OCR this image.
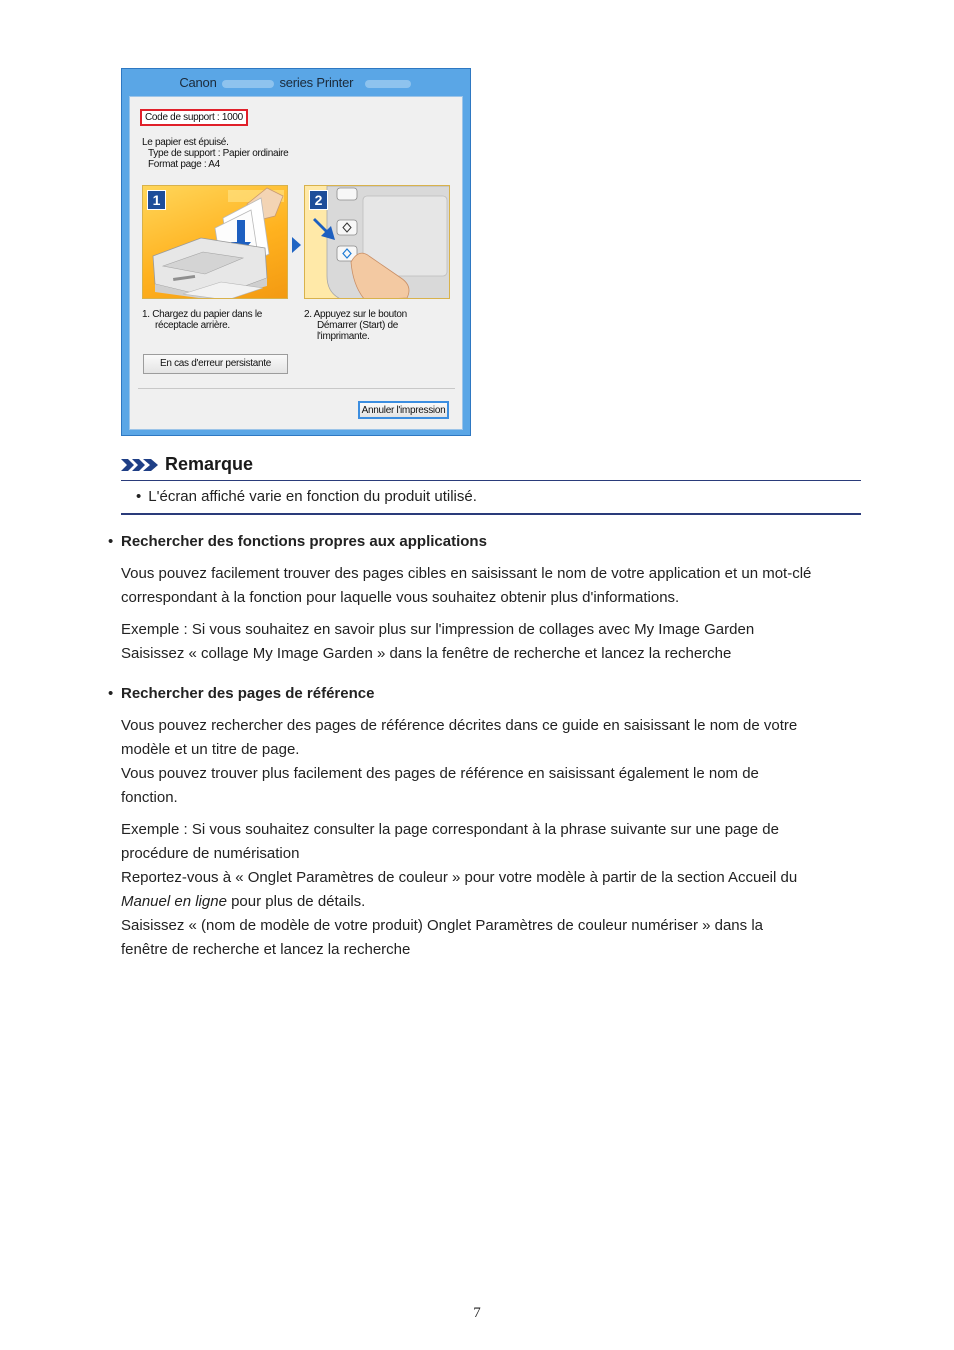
Canon	series Printer
Code de support : 1000
Le papier est épuisé.
Type de support : Papier ordinaire
Format page : A4
1	2
1. Chargez du papier dans le
réceptacle arrière.
2. Appuyez sur le bouton
Démarrer (Start) de
l'imprimante.
En cas d'erreur persistante
Annuler l'impression
Remarque
• L'écran affiché varie en fonction du produit utilisé.
• Rechercher des fonctions propres aux applications
Vous pouvez facilement trouver des pages cibles en saisissant le nom de votre application et un mot-clé
correspondant à la fonction pour laquelle vous souhaitez obtenir plus d'informations.
Exemple : Si vous souhaitez en savoir plus sur l'impression de collages avec My Image Garden
Saisissez « collage My Image Garden » dans la fenêtre de recherche et lancez la recherche
• Rechercher des pages de référence
Vous pouvez rechercher des pages de référence décrites dans ce guide en saisissant le nom de votre
modèle et un titre de page.
Vous pouvez trouver plus facilement des pages de référence en saisissant également le nom de
fonction.
Exemple : Si vous souhaitez consulter la page correspondant à la phrase suivante sur une page de
procédure de numérisation
Reportez-vous à « Onglet Paramètres de couleur » pour votre modèle à partir de la section Accueil du
Manuel en ligne pour plus de détails.
Saisissez « (nom de modèle de votre produit) Onglet Paramètres de couleur numériser » dans la
fenêtre de recherche et lancez la recherche
7
